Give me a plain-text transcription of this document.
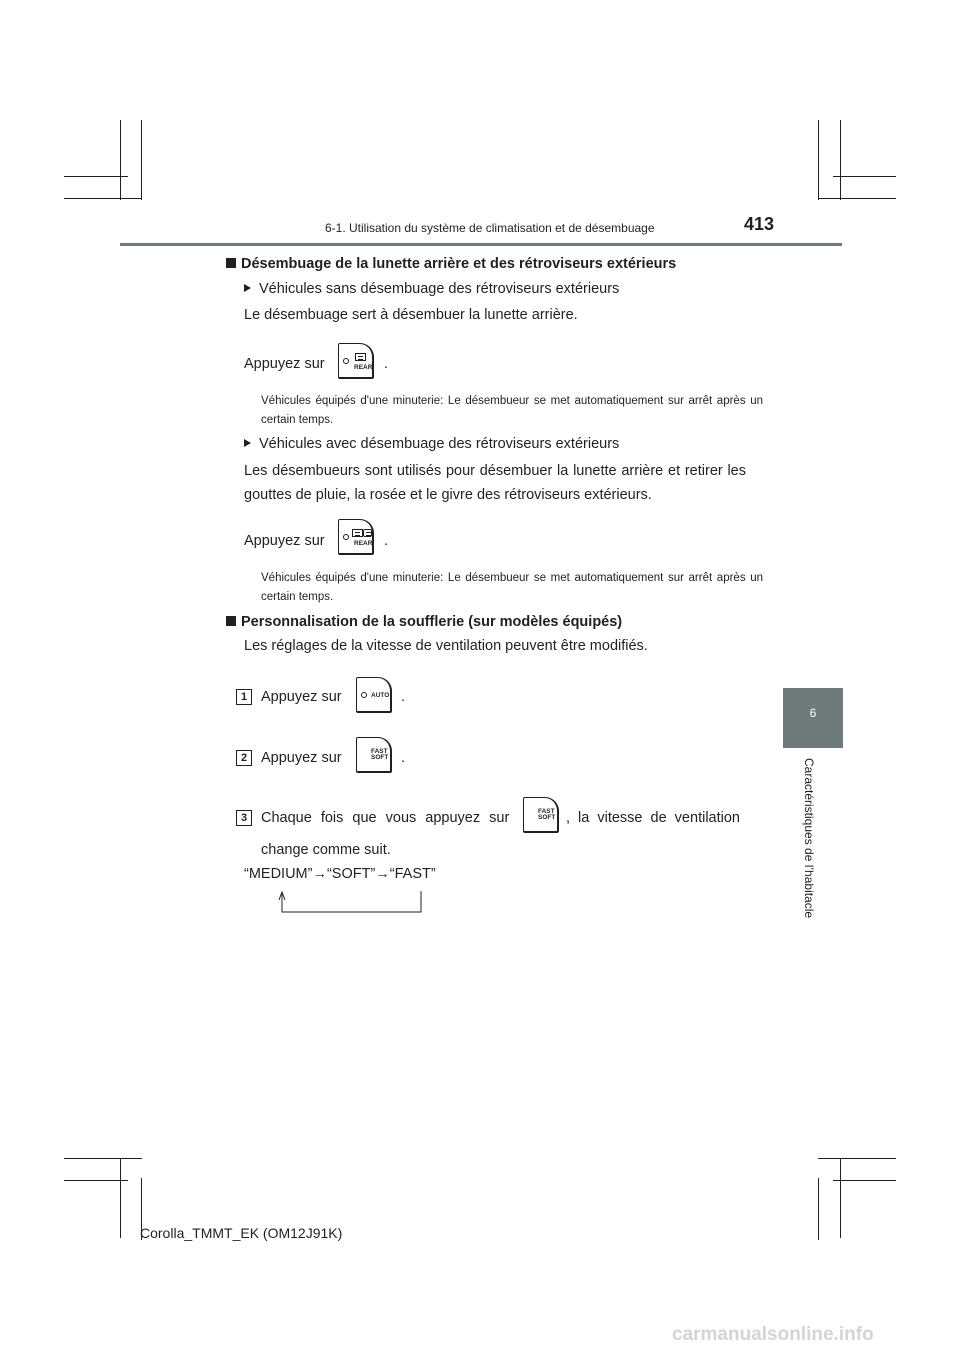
6-1. Utilisation du système de climatisation et de désembuage	413
6
Caractéristiques de l’habitacle
Désembuage de la lunette arrière et des rétroviseurs extérieurs
Véhicules sans désembuage des rétroviseurs extérieurs
Le désembuage sert à désembuer la lunette arrière.
Appuyez sur	REAR .
Véhicules équipés d'une minuterie: Le désembueur se met automatiquement sur arrêt après un certain temps.
Véhicules avec désembuage des rétroviseurs extérieurs
Les désembueurs sont utilisés pour désembuer la lunette arrière et retirer les gouttes de pluie, la rosée et le givre des rétroviseurs extérieurs.
Appuyez sur	REAR .
Véhicules équipés d'une minuterie: Le désembueur se met automatiquement sur arrêt après un certain temps.
Personnalisation de la soufflerie (sur modèles équipés)
Les réglages de la vitesse de ventilation peuvent être modifiés.
1 Appuyez sur	AUTO .
2 Appuyez sur	FAST
SOFT .
3 Chaque fois que vous appuyez sur	FAST
SOFT , la vitesse de ventilation
change comme suit.
“MEDIUM”→“SOFT”→“FAST”
Corolla_TMMT_EK (OM12J91K)
carmanualsonline.info
